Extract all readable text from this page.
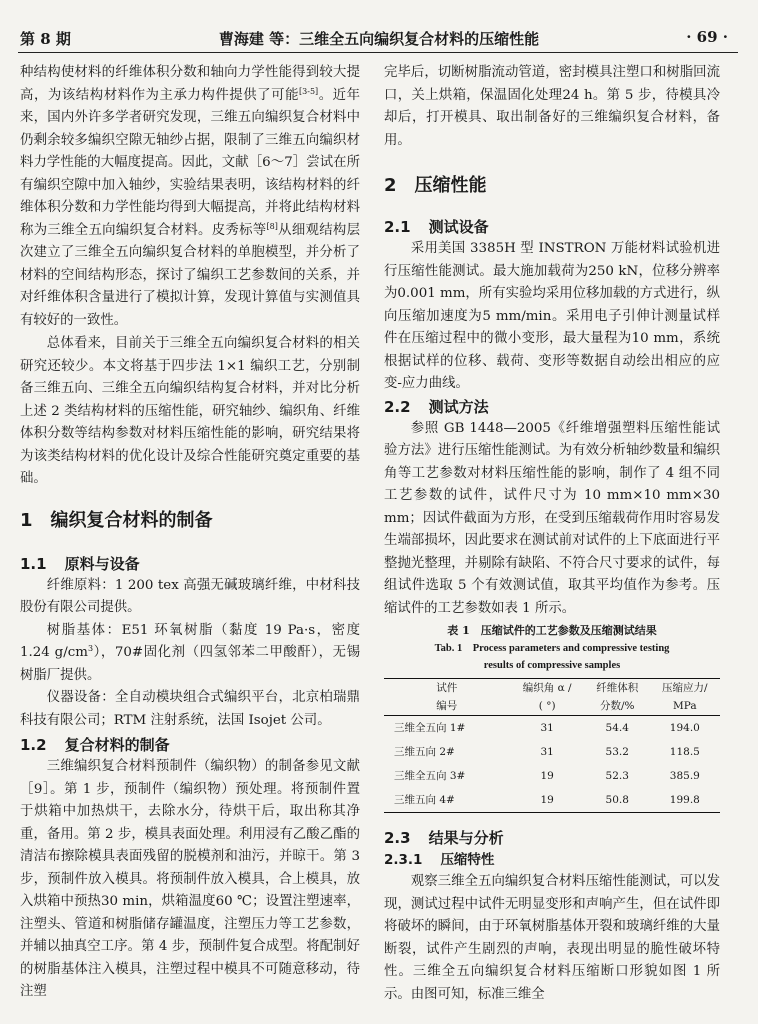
第 8 期	曹海建 等：三维全五向编织复合材料的压缩性能	· 69 ·

种结构使材料的纤维体积分数和轴向力学性能得到较大提高，为该结构材料作为主承力构件提供了可能[3-5]。近年来，国内外许多学者研究发现，三维五向编织复合材料中仍剩余较多编织空隙无轴纱占据，限制了三维五向编织材料力学性能的大幅度提高。因此，文献［6～7］尝试在所有编织空隙中加入轴纱，实验结果表明，该结构材料的纤维体积分数和力学性能均得到大幅提高，并将此结构材料称为三维全五向编织复合材料。皮秀标等[8]从细观结构层次建立了三维全五向编织复合材料的单胞模型，并分析了材料的空间结构形态，探讨了编织工艺参数间的关系，并对纤维体积含量进行了模拟计算，发现计算值与实测值具有较好的一致性。

总体看来，目前关于三维全五向编织复合材料的相关研究还较少。本文将基于四步法 1×1 编织工艺，分别制备三维五向、三维全五向编织结构复合材料，并对比分析上述 2 类结构材料的压缩性能，研究轴纱、编织角、纤维体积分数等结构参数对材料压缩性能的影响，研究结果将为该类结构材料的优化设计及综合性能研究奠定重要的基础。

1 编织复合材料的制备
1.1 原料与设备

纤维原料：1 200 tex 高强无碱玻璃纤维，中材科技股份有限公司提供。

树脂基体：E51 环氧树脂（黏度 19 Pa·s，密度 1.24 $g/cm^3$），70#固化剂（四氢邻苯二甲酸酐），无锡树脂厂提供。

仪器设备：全自动模块组合式编织平台，北京柏瑞鼎科技有限公司；RTM 注射系统，法国 Isojet 公司。

1.2 复合材料的制备

三维编织复合材料预制件（编织物）的制备参见文献［9］。第 1 步，预制件（编织物）预处理。将预制件置于烘箱中加热烘干，去除水分，待烘干后，取出称其净重，备用。第 2 步，模具表面处理。利用浸有乙酸乙酯的清洁布擦除模具表面残留的脱模剂和油污，并晾干。第 3 步，预制件放入模具。将预制件放入模具，合上模具，放入烘箱中预热30 min，烘箱温度60 ℃；设置注塑速率，注塑头、管道和树脂储存罐温度，注塑压力等工艺参数，并辅以抽真空工序。第 4 步，预制件复合成型。将配制好的树脂基体注入模具，注塑过程中模具不可随意移动，待注塑

完毕后，切断树脂流动管道，密封模具注塑口和树脂回流口，关上烘箱，保温固化处理24 h。第 5 步，待模具冷却后，打开模具、取出制备好的三维编织复合材料，备用。

2 压缩性能
2.1 测试设备

采用美国 3385H 型 INSTRON 万能材料试验机进行压缩性能测试。最大施加载荷为250 kN，位移分辨率为0.001 mm，所有实验均采用位移加载的方式进行，纵向压缩加速度为5 mm/min。采用电子引伸计测量试样件在压缩过程中的微小变形，最大量程为10 mm，系统根据试样的位移、载荷、变形等数据自动绘出相应的应变-应力曲线。

2.2 测试方法

参照 GB 1448—2005《纤维增强塑料压缩性能试验方法》进行压缩性能测试。为有效分析轴纱数量和编织角等工艺参数对材料压缩性能的影响，制作了 4 组不同工艺参数的试件，试件尺寸为 10 mm×10 mm×30 mm；因试件截面为方形，在受到压缩载荷作用时容易发生端部损坏，因此要求在测试前对试件的上下底面进行平整抛光整理，并剔除有缺陷、不符合尺寸要求的试件，每组试件选取 5 个有效测试值，取其平均值作为参考。压缩试件的工艺参数如表 1 所示。

表 1　压缩试件的工艺参数及压缩测试结果
Tab. 1　Process parameters and compressive testing
results of compressive samples
试件	编织角 α /	纤维体积	压缩应力/
编号	( °)	分数/%	MPa
三维全五向 1#	31	54.4	194.0
三维五向 2#	31	53.2	118.5
三维全五向 3#	19	52.3	385.9
三维五向 4#	19	50.8	199.8
2.3 结果与分析
2.3.1 压缩特性

观察三维全五向编织复合材料压缩性能测试，可以发现，测试过程中试件无明显变形和声响产生，但在试件即将破坏的瞬间，由于环氧树脂基体开裂和玻璃纤维的大量断裂，试件产生剧烈的声响，表现出明显的脆性破坏特性。三维全五向编织复合材料压缩断口形貌如图 1 所示。由图可知，标准三维全
